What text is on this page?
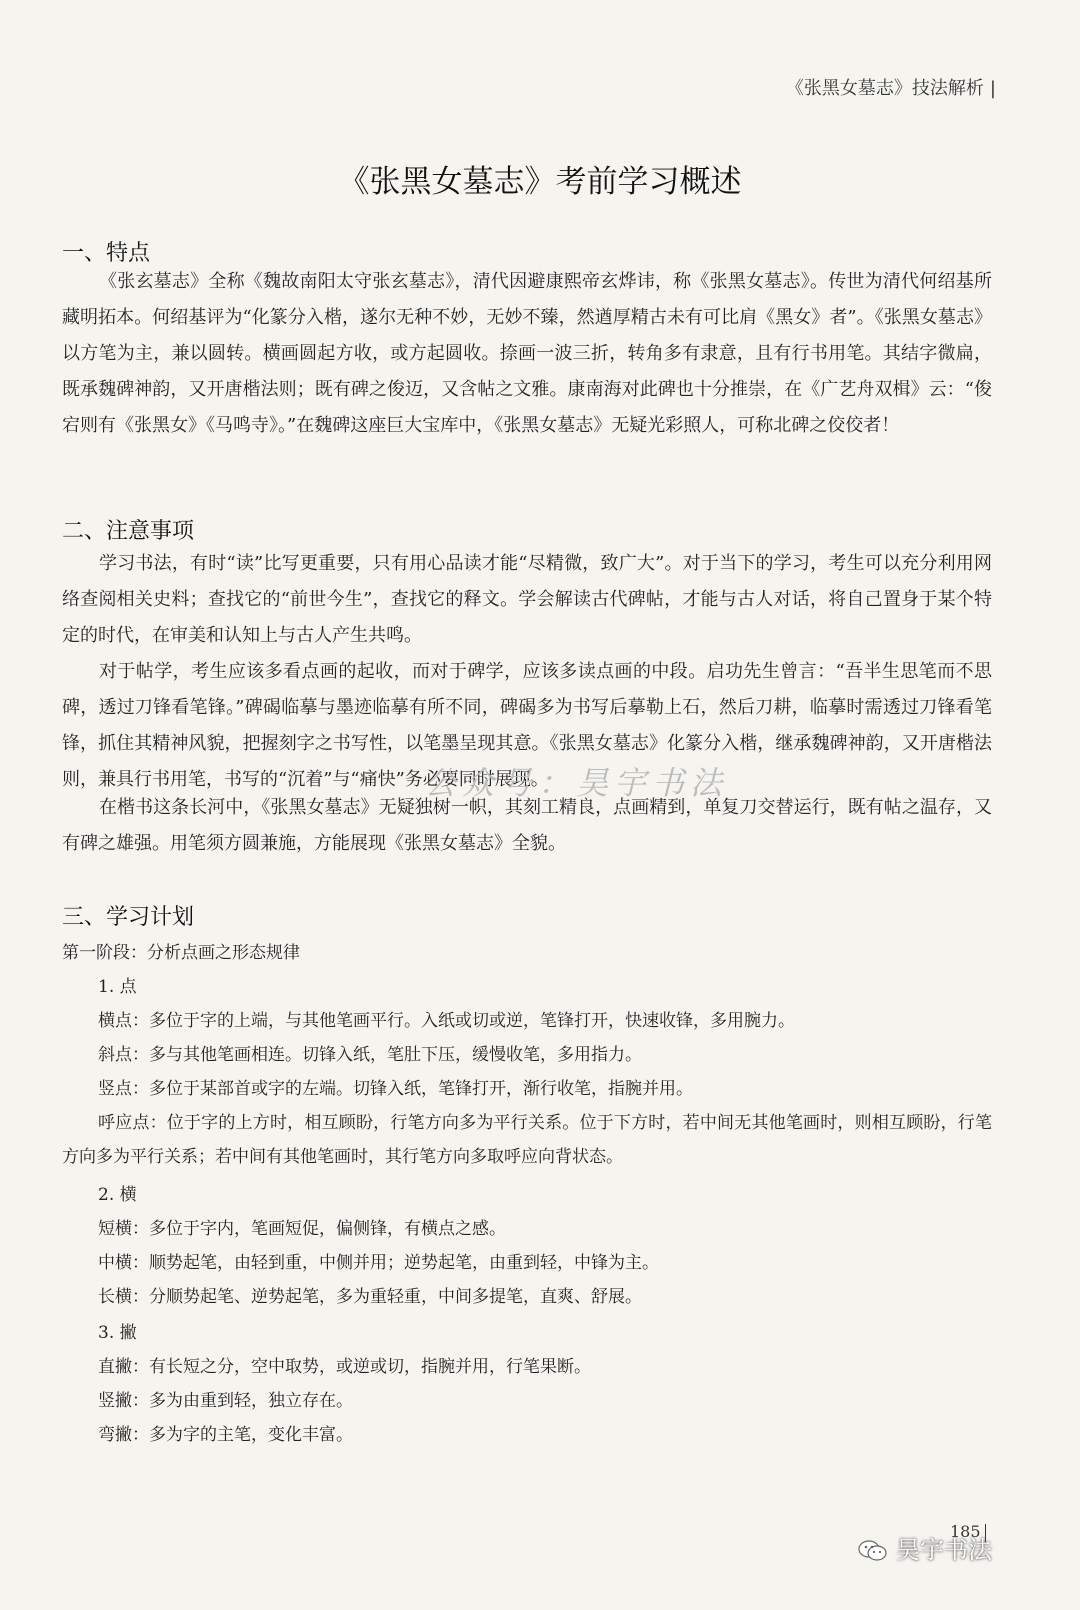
《张黑女墓志》技法解析 |
《张黑女墓志》考前学习概述
一、特点

《张玄墓志》全称《魏故南阳太守张玄墓志》，清代因避康熙帝玄烨讳，称《张黑女墓志》。传世为清代何绍基所藏明拓本。何绍基评为“化篆分入楷，遂尔无种不妙，无妙不臻，然遒厚精古未有可比肩《黑女》者”。《张黑女墓志》以方笔为主，兼以圆转。横画圆起方收，或方起圆收。捺画一波三折，转角多有隶意，且有行书用笔。其结字微扁，既承魏碑神韵，又开唐楷法则；既有碑之俊迈，又含帖之文雅。康南海对此碑也十分推崇，在《广艺舟双楫》云：“俊宕则有《张黑女》《马鸣寺》。”在魏碑这座巨大宝库中，《张黑女墓志》无疑光彩照人，可称北碑之佼佼者！

二、注意事项

学习书法，有时“读”比写更重要，只有用心品读才能“尽精微，致广大”。对于当下的学习，考生可以充分利用网络查阅相关史料；查找它的“前世今生”，查找它的释文。学会解读古代碑帖，才能与古人对话，将自己置身于某个特定的时代，在审美和认知上与古人产生共鸣。

对于帖学，考生应该多看点画的起收，而对于碑学，应该多读点画的中段。启功先生曾言：“吾半生思笔而不思碑，透过刀锋看笔锋。”碑碣临摹与墨迹临摹有所不同，碑碣多为书写后摹勒上石，然后刀耕，临摹时需透过刀锋看笔锋，抓住其精神风貌，把握刻字之书写性，以笔墨呈现其意。《张黑女墓志》化篆分入楷，继承魏碑神韵，又开唐楷法则，兼具行书用笔，书写的“沉着”与“痛快”务必要同时展现。

在楷书这条长河中，《张黑女墓志》无疑独树一帜，其刻工精良，点画精到，单复刀交替运行，既有帖之温存，又有碑之雄强。用笔须方圆兼施，方能展现《张黑女墓志》全貌。

公众号：昊宇书法
三、学习计划
第一阶段：分析点画之形态规律
1. 点
横点：多位于字的上端，与其他笔画平行。入纸或切或逆，笔锋打开，快速收锋，多用腕力。
斜点：多与其他笔画相连。切锋入纸，笔肚下压，缓慢收笔，多用指力。
竖点：多位于某部首或字的左端。切锋入纸，笔锋打开，渐行收笔，指腕并用。

呼应点：位于字的上方时，相互顾盼，行笔方向多为平行关系。位于下方时，若中间无其他笔画时，则相互顾盼，行笔方向多为平行关系；若中间有其他笔画时，其行笔方向多取呼应向背状态。

2. 横
短横：多位于字内，笔画短促，偏侧锋，有横点之感。
中横：顺势起笔，由轻到重，中侧并用；逆势起笔，由重到轻，中锋为主。
长横：分顺势起笔、逆势起笔，多为重轻重，中间多提笔，直爽、舒展。
3. 撇
直撇：有长短之分，空中取势，或逆或切，指腕并用，行笔果断。
竖撇：多为由重到轻，独立存在。
弯撇：多为字的主笔，变化丰富。
185
昊宇书法
